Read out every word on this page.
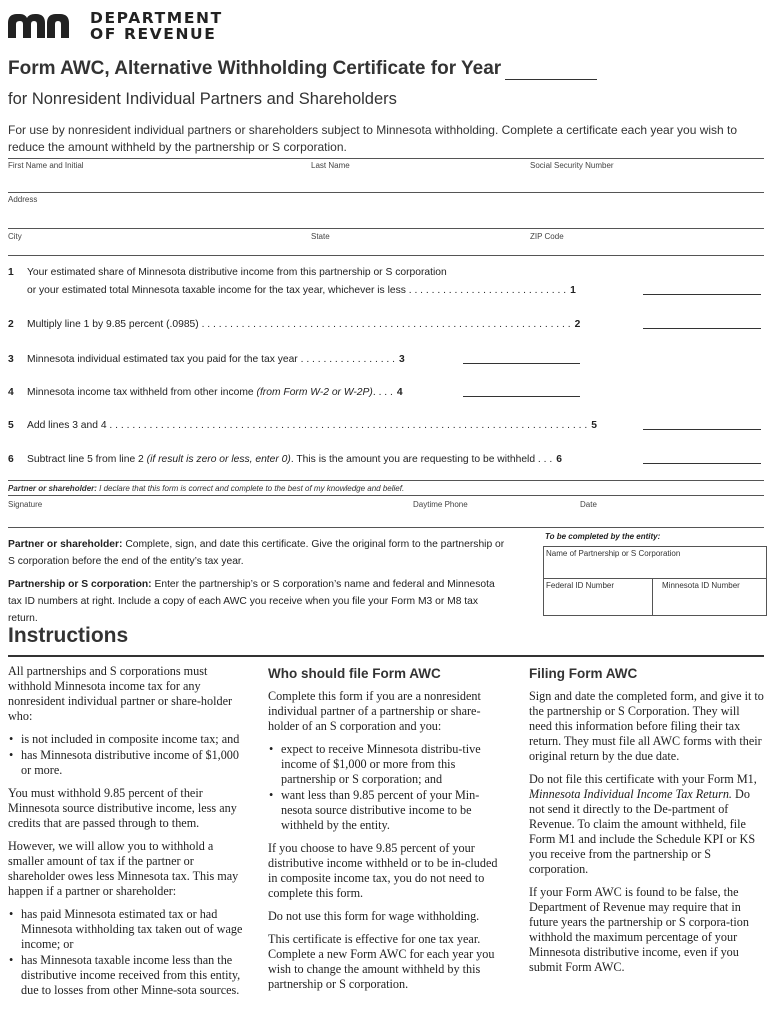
DEPARTMENT
OF REVENUE
Form AWC, Alternative Withholding Certificate for Year
for Nonresident Individual Partners and Shareholders
For use by nonresident individual partners or shareholders subject to Minnesota withholding. Complete a certificate each year you wish to reduce the amount withheld by the partnership or S corporation.
First Name and Initial	Last Name	Social Security Number
Address
City	State	ZIP Code
1 Your estimated share of Minnesota distributive income from this partnership or S corporation
or your estimated total Minnesota taxable income for the tax year, whichever is less . . . . . . . . . . . . . . . . . . . . . . . . . . . . 1
2 Multiply line 1 by 9.85 percent (.0985) . . . . . . . . . . . . . . . . . . . . . . . . . . . . . . . . . . . . . . . . . . . . . . . . . . . . . . . . . . . . . . . . . 2
3 Minnesota individual estimated tax you paid for the tax year . . . . . . . . . . . . . . . . . 3
4 Minnesota income tax withheld from other income (from Form W-2 or W-2P). . . . 4
5 Add lines 3 and 4 . . . . . . . . . . . . . . . . . . . . . . . . . . . . . . . . . . . . . . . . . . . . . . . . . . . . . . . . . . . . . . . . . . . . . . . . . . . . . . . . . . . . 5
6 Subtract line 5 from line 2 (if result is zero or less, enter 0). This is the amount you are requesting to be withheld . . . 6
Partner or shareholder: I declare that this form is correct and complete to the best of my knowledge and belief.
Signature	Daytime Phone	Date
Partner or shareholder: Complete, sign, and date this certificate. Give the original form to the partnership or S corporation before the end of the entity’s tax year.
Partnership or S corporation: Enter the partnership’s or S corporation’s name and federal and Minnesota tax ID numbers at right. Include a copy of each AWC you receive when you file your Form M3 or M8 tax return.
To be completed by the entity:
Name of Partnership or S Corporation
Federal ID Number	Minnesota ID Number
Instructions

All partnerships and S corporations must withhold Minnesota income tax for any nonresident individual partner or share-holder who:

• is not included in composite income tax; and
• has Minnesota distributive income of $1,000 or more.

You must withhold 9.85 percent of their Minnesota source distributive income, less any credits that are passed through to them.

However, we will allow you to withhold a smaller amount of tax if the partner or shareholder owes less Minnesota tax. This may happen if a partner or shareholder:

• has paid Minnesota estimated tax or had Minnesota withholding tax taken out of wage income; or
• has Minnesota taxable income less than the distributive income received from this entity, due to losses from other Minne-sota sources.
Who should file Form AWC

Complete this form if you are a nonresident individual partner of a partnership or share-holder of an S corporation and you:

• expect to receive Minnesota distribu-tive income of $1,000 or more from this partnership or S corporation; and
• want less than 9.85 percent of your Min-nesota source distributive income to be withheld by the entity.

If you choose to have 9.85 percent of your distributive income withheld or to be in-cluded in composite income tax, you do not need to complete this form.

Do not use this form for wage withholding.

This certificate is effective for one tax year. Complete a new Form AWC for each year you wish to change the amount withheld by this partnership or S corporation.

Filing Form AWC

Sign and date the completed form, and give it to the partnership or S Corporation. They will need this information before filing their tax return. They must file all AWC forms with their original return by the due date.

Do not file this certificate with your Form M1, Minnesota Individual Income Tax Return. Do not send it directly to the De-partment of Revenue. To claim the amount withheld, file Form M1 and include the Schedule KPI or KS you receive from the partnership or S corporation.

If your Form AWC is found to be false, the Department of Revenue may require that in future years the partnership or S corpora-tion withhold the maximum percentage of your Minnesota distributive income, even if you submit Form AWC.
